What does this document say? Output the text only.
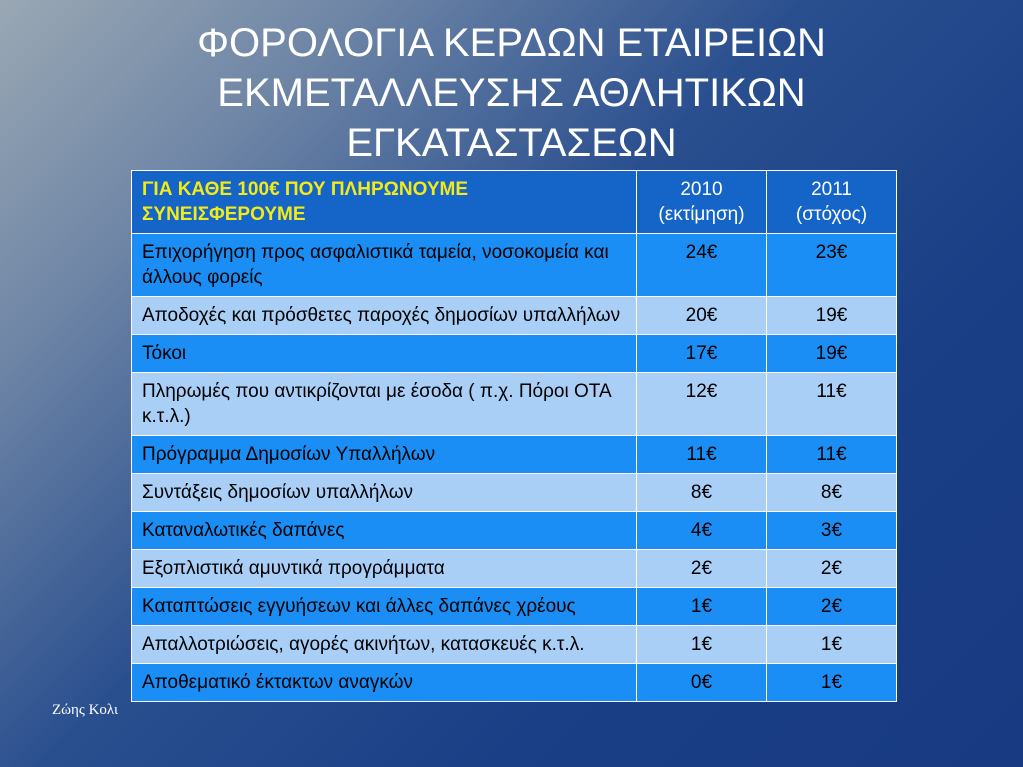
ΦΟΡΟΛΟΓΙΑ ΚΕΡΔΩΝ ΕΤΑΙΡΕΙΩΝ
ΕΚΜΕΤΑΛΛΕΥΣΗΣ ΑΘΛΗΤΙΚΩΝ
ΕΓΚΑΤΑΣΤΑΣΕΩΝ
Ζώης Κολι
ΓΙΑ ΚΑΘΕ 100€ ΠΟΥ ΠΛΗΡΩΝΟΥΜΕ ΣΥΝΕΙΣΦΕΡΟΥΜΕ	2010 (εκτίμηση)	2011 (στόχος)
Επιχορήγηση προς ασφαλιστικά ταμεία, νοσοκομεία και άλλους φορείς	24€	23€
Αποδοχές και πρόσθετες παροχές δημοσίων υπαλλήλων	20€	19€
Τόκοι	17€	19€
Πληρωμές που αντικρίζονται με έσοδα ( π.χ. Πόροι ΟΤΑ κ.τ.λ.)	12€	11€
Πρόγραμμα Δημοσίων Υπαλλήλων	11€	11€
Συντάξεις δημοσίων υπαλλήλων	8€	8€
Καταναλωτικές δαπάνες	4€	3€
Εξοπλιστικά αμυντικά προγράμματα	2€	2€
Καταπτώσεις εγγυήσεων και άλλες δαπάνες χρέους	1€	2€
Απαλλοτριώσεις, αγορές ακινήτων, κατασκευές κ.τ.λ.	1€	1€
Αποθεματικό έκτακτων αναγκών	0€	1€
